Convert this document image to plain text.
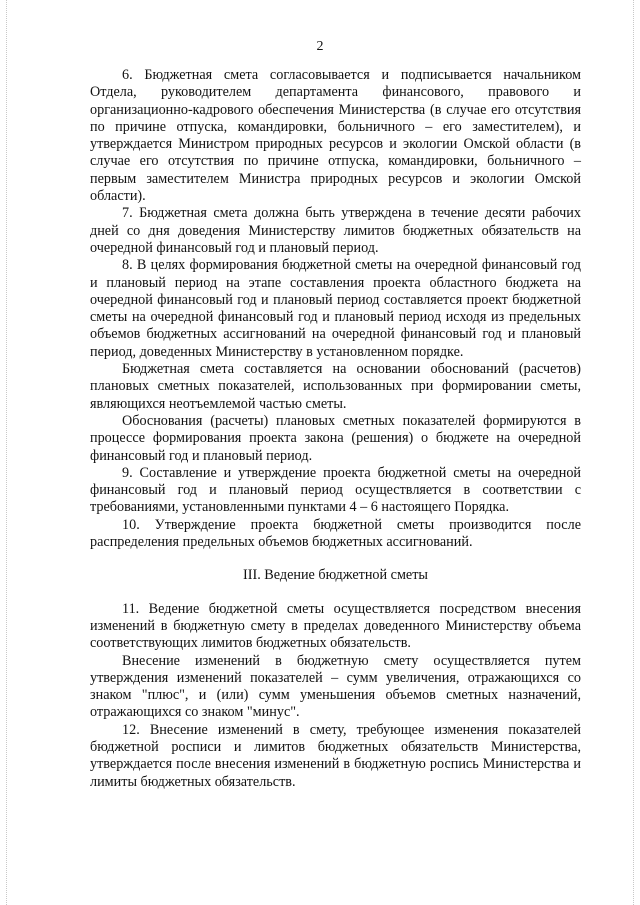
2

6. Бюджетная смета согласовывается и подписывается начальником Отдела, руководителем департамента финансового, правового и организационно-кадрового обеспечения Министерства (в случае его отсутствия по причине отпуска, командировки, больничного – его заместителем), и утверждается Министром природных ресурсов и экологии Омской области (в случае его отсутствия по причине отпуска, командировки, больничного – первым заместителем Министра природных ресурсов и экологии Омской области).

7. Бюджетная смета должна быть утверждена в течение десяти рабочих дней со дня доведения Министерству лимитов бюджетных обязательств на очередной финансовый год и плановый период.

8. В целях формирования бюджетной сметы на очередной финансовый год и плановый период на этапе составления проекта областного бюджета на очередной финансовый год и плановый период составляется проект бюджетной сметы на очередной финансовый год и плановый период исходя из предельных объемов бюджетных ассигнований на очередной финансовый год и плановый период, доведенных Министерству в установленном порядке.

Бюджетная смета составляется на основании обоснований (расчетов) плановых сметных показателей, использованных при формировании сметы, являющихся неотъемлемой частью сметы.

Обоснования (расчеты) плановых сметных показателей формируются в процессе формирования проекта закона (решения) о бюджете на очередной финансовый год и плановый период.

9. Составление и утверждение проекта бюджетной сметы на очередной финансовый год и плановый период осуществляется в соответствии с требованиями, установленными пунктами 4 – 6 настоящего Порядка.

10. Утверждение проекта бюджетной сметы производится после распределения предельных объемов бюджетных ассигнований.

III. Ведение бюджетной сметы

11. Ведение бюджетной сметы осуществляется посредством внесения изменений в бюджетную смету в пределах доведенного Министерству объема соответствующих лимитов бюджетных обязательств.

Внесение изменений в бюджетную смету осуществляется путем утверждения изменений показателей – сумм увеличения, отражающихся со знаком "плюс", и (или) сумм уменьшения объемов сметных назначений, отражающихся со знаком "минус".

12. Внесение изменений в смету, требующее изменения показателей бюджетной росписи и лимитов бюджетных обязательств Министерства, утверждается после внесения изменений в бюджетную роспись Министерства и лимиты бюджетных обязательств.
